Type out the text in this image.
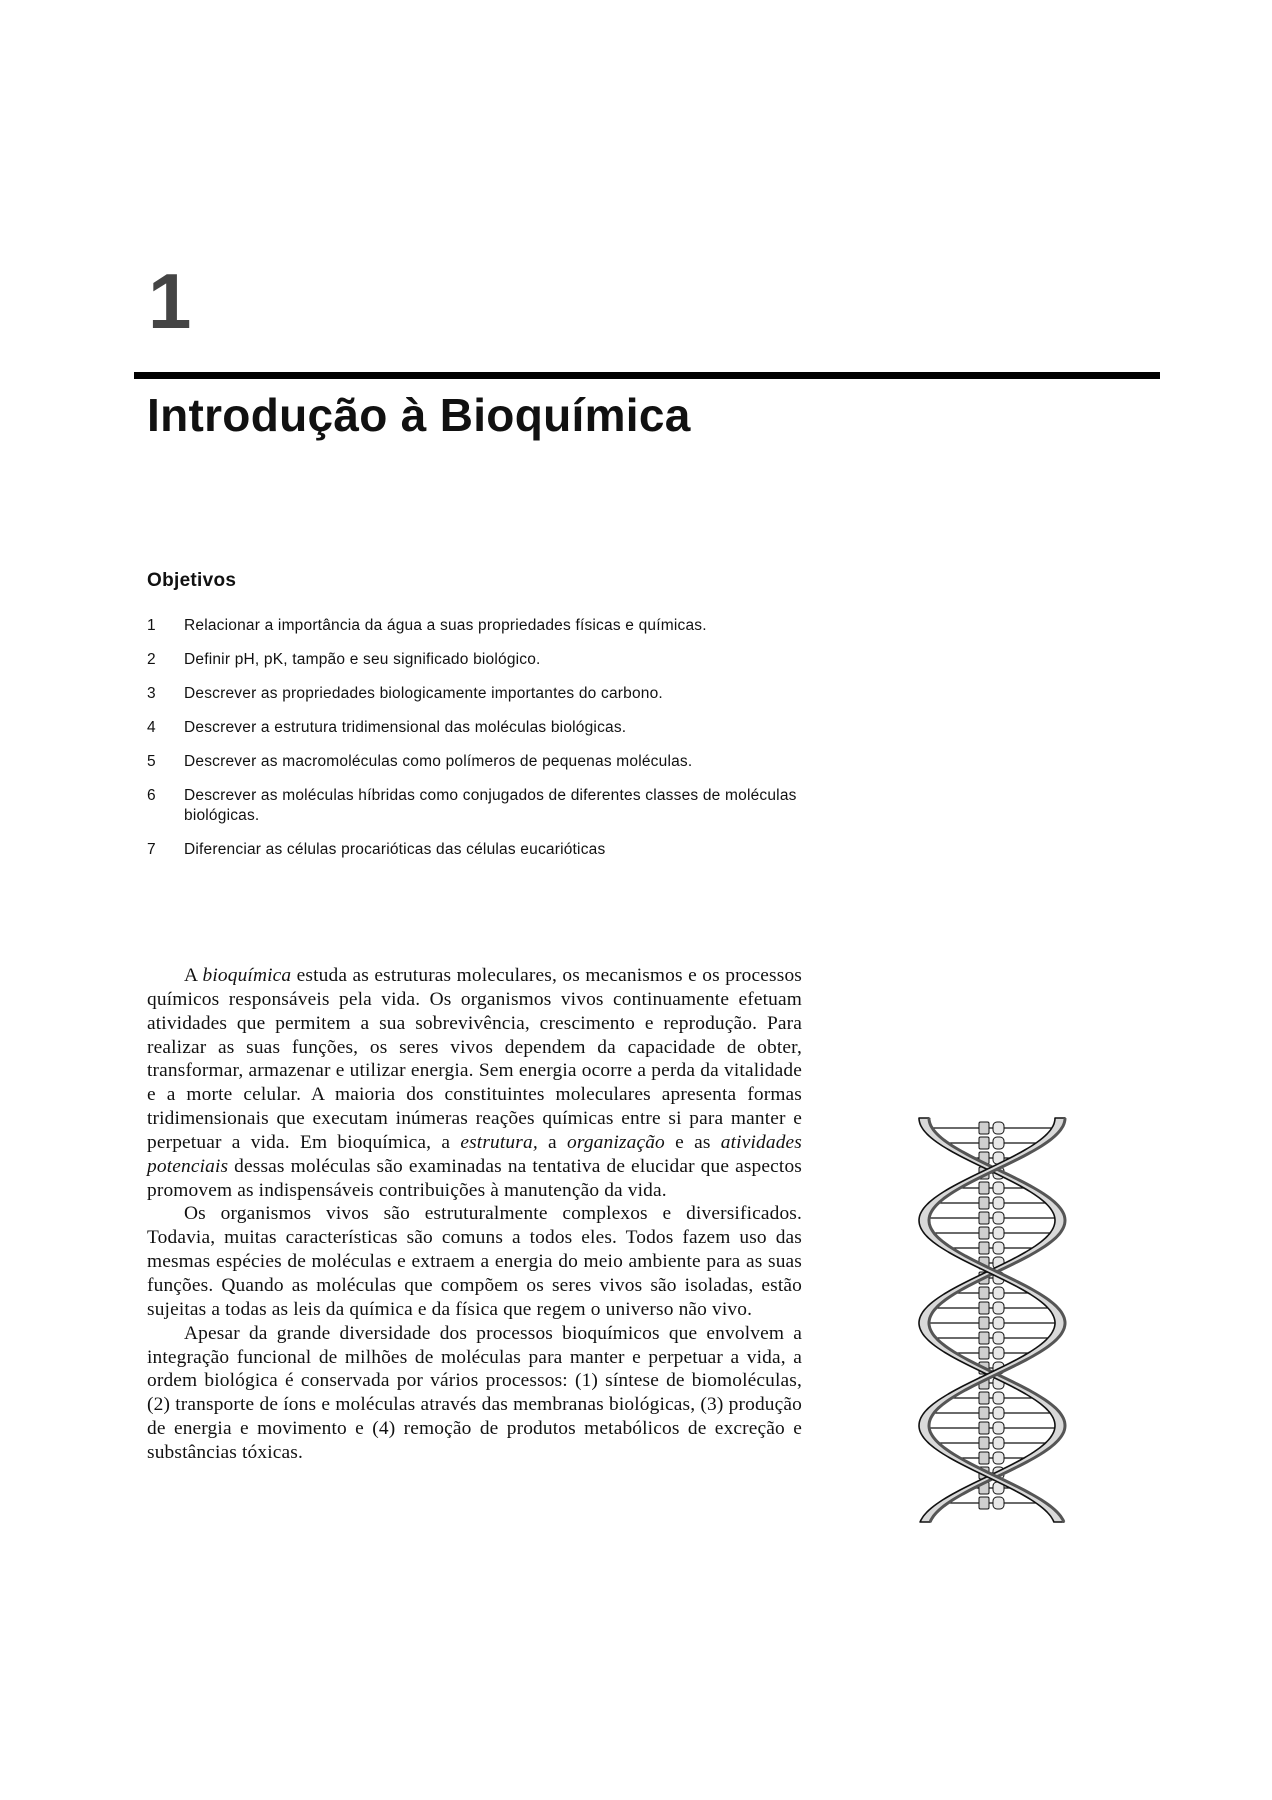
1
Introdução à Bioquímica
Objetivos
1	Relacionar a importância da água a suas propriedades físicas e químicas.
2	Definir pH, pK, tampão e seu significado biológico.
3	Descrever as propriedades biologicamente importantes do carbono.
4	Descrever a estrutura tridimensional das moléculas biológicas.
5	Descrever as macromoléculas como polímeros de pequenas moléculas.
6	Descrever as moléculas híbridas como conjugados de diferentes classes de moléculas biológicas.
7	Diferenciar as células procarióticas das células eucarióticas

A bioquímica estuda as estruturas moleculares, os mecanismos e os processos químicos responsáveis pela vida. Os organismos vivos continuamente efetuam atividades que permitem a sua sobrevivência, crescimento e reprodução. Para realizar as suas funções, os seres vivos dependem da capacidade de obter, transformar, armazenar e utilizar energia. Sem energia ocorre a perda da vitalidade e a morte celular. A maioria dos constituintes moleculares apresenta formas tridimensionais que executam inúmeras reações químicas entre si para manter e perpetuar a vida. Em bioquímica, a estrutura, a organização e as atividades potenciais dessas moléculas são examinadas na tentativa de elucidar que aspectos promovem as indispensáveis contribuições à manutenção da vida.

Os organismos vivos são estruturalmente complexos e diversificados. Todavia, muitas características são comuns a todos eles. Todos fazem uso das mesmas espécies de moléculas e extraem a energia do meio ambiente para as suas funções. Quando as moléculas que compõem os seres vivos são isoladas, estão sujeitas a todas as leis da química e da física que regem o universo não vivo.

Apesar da grande diversidade dos processos bioquímicos que envolvem a integração funcional de milhões de moléculas para manter e perpetuar a vida, a ordem biológica é conservada por vários processos: (1) síntese de biomoléculas, (2) transporte de íons e moléculas através das membranas biológicas, (3) produção de energia e movimento e (4) remoção de produtos metabólicos de excreção e substâncias tóxicas.
